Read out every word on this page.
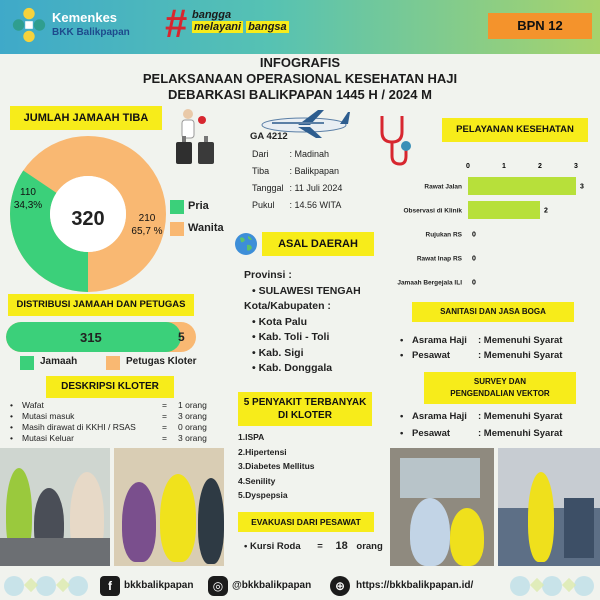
Kemenkes
BKK Balikpapan # bangga
melayani bangsa	BPN 12
INFOGRAFIS
PELAKSANAAN OPERASIONAL KESEHATAN HAJI
DEBARKASI BALIKPAPAN 1445 H / 2024 M
JUMLAH JAMAAH TIBA
320
110
34,3%
210
65,7 %
Pria
Wanita
DISTRIBUSI JAMAAH DAN PETUGAS
315	5
Jamaah	Petugas Kloter
DESKRIPSI KLOTER
• Wafat	= 1 orang
• Mutasi masuk	= 3 orang
• Masih dirawat di KKHI / RSAS	= 0 orang
• Mutasi Keluar	= 3 orang
GA 4212
Dari	: Madinah
Tiba	: Balikpapan
Tanggal	: 11 Juli 2024
Pukul	: 14.56 WITA
ASAL DAERAH
Provinsi :
• SULAWESI TENGAH
Kota/Kabupaten :
• Kota Palu
• Kab. Toli - Toli
• Kab. Sigi
• Kab. Donggala
5 PENYAKIT TERBANYAK
DI KLOTER
1.ISPA
2.Hipertensi
3.Diabetes Mellitus
4.Senility
5.Dyspepsia
EVAKUASI DARI PESAWAT
• Kursi Roda = 18 orang
PELAYANAN KESEHATAN
0	1	2	3
Rawat Jalan	3
Observasi di Klinik	2
Rujukan RS 0
Rawat Inap RS 0
Jamaah Bergejala ILI 0
SANITASI DAN JASA BOGA
• Asrama Haji : Memenuhi Syarat
• Pesawat	: Memenuhi Syarat
SURVEY DAN
PENGENDALIAN VEKTOR
• Asrama Haji : Memenuhi Syarat
• Pesawat	: Memenuhi Syarat
f	bkkbalikpapan	◎ @bkkbalikpapan	⊕	https://bkkbalikpapan.id/
